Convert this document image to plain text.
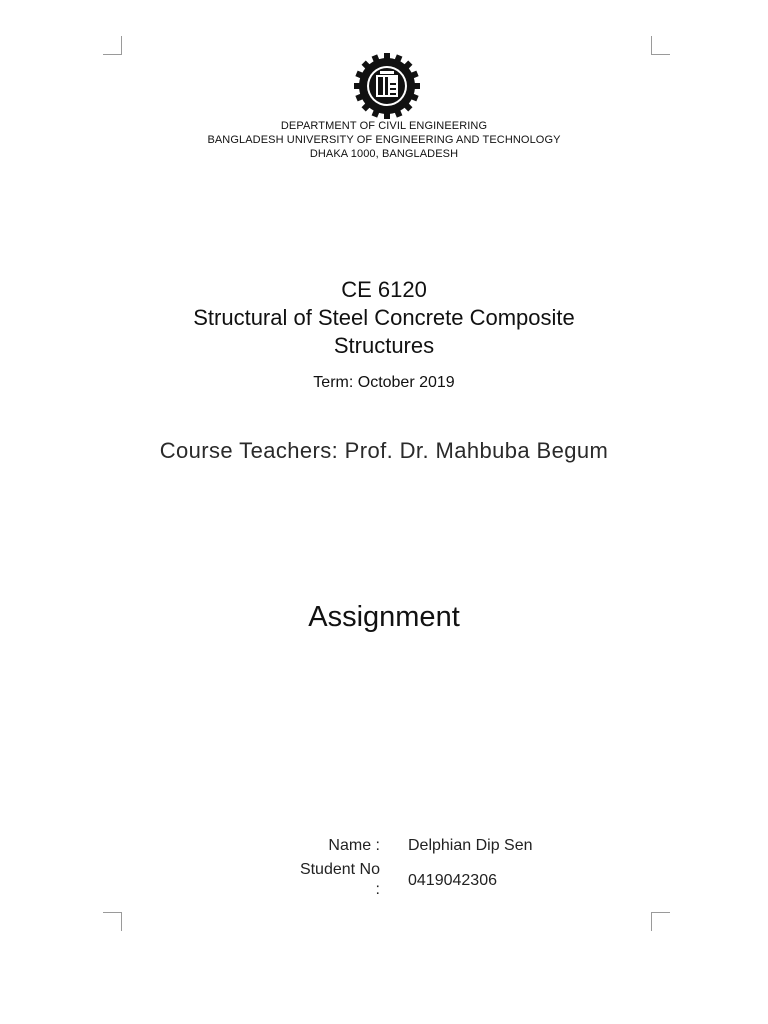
DEPARTMENT OF CIVIL ENGINEERING
BANGLADESH UNIVERSITY OF ENGINEERING AND TECHNOLOGY
DHAKA 1000, BANGLADESH
CE 6120
Structural of Steel Concrete Composite
Structures
Term: October 2019
Course Teachers: Prof. Dr. Mahbuba Begum
Assignment
Name : Delphian Dip Sen
Student No
:
0419042306
